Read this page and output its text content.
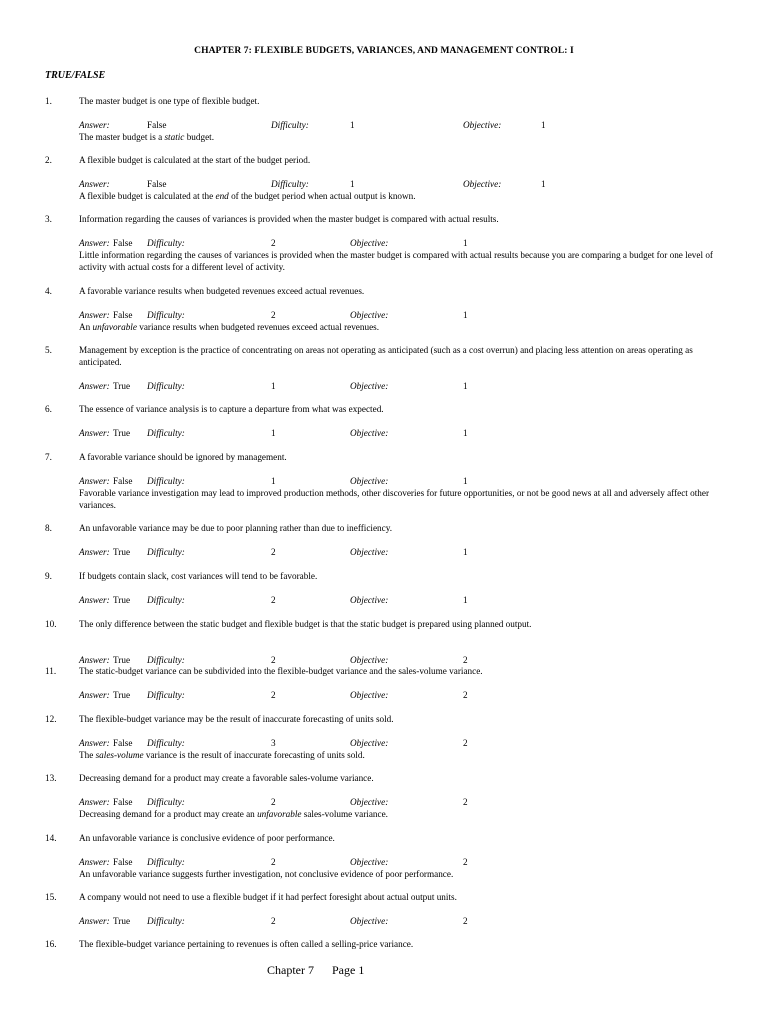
CHAPTER 7: FLEXIBLE BUDGETS, VARIANCES, AND MANAGEMENT CONTROL: I
TRUE/FALSE
1.	The master budget is one type of flexible budget.
Answer:	False	Difficulty:	1	Objective:	1
The master budget is a static budget.
2.	A flexible budget is calculated at the start of the budget period.
Answer:	False	Difficulty:	1	Objective:	1
A flexible budget is calculated at the end of the budget period when actual output is known.
3.	Information regarding the causes of variances is provided when the master budget is compared with actual results.
Answer: False Difficulty:	2	Objective:	1
Little information regarding the causes of variances is provided when the master budget is compared with actual results because you are comparing a budget for one level of activity with actual costs for a different level of activity.
4.	A favorable variance results when budgeted revenues exceed actual revenues.
Answer: False Difficulty:	2	Objective:	1
An unfavorable variance results when budgeted revenues exceed actual revenues.
5.	Management by exception is the practice of concentrating on areas not operating as anticipated (such as a cost overrun) and placing less attention on areas operating as anticipated.
Answer: True Difficulty:	1	Objective:	1
6.	The essence of variance analysis is to capture a departure from what was expected.
Answer: True Difficulty:	1	Objective:	1
7.	A favorable variance should be ignored by management.
Answer: False Difficulty:	1	Objective:	1
Favorable variance investigation may lead to improved production methods, other discoveries for future opportunities, or not be good news at all and adversely affect other variances.
8.	An unfavorable variance may be due to poor planning rather than due to inefficiency.
Answer: True Difficulty:	2	Objective:	1
9.	If budgets contain slack, cost variances will tend to be favorable.
Answer: True Difficulty:	2	Objective:	1
10. The only difference between the static budget and flexible budget is that the static budget is prepared using planned output.
Answer: True Difficulty:	2	Objective:	2
11. The static-budget variance can be subdivided into the flexible-budget variance and the sales-volume variance.
Answer: True Difficulty:	2	Objective:	2
12. The flexible-budget variance may be the result of inaccurate forecasting of units sold.
Answer: False Difficulty:	3	Objective:	2
The sales-volume variance is the result of inaccurate forecasting of units sold.
13. Decreasing demand for a product may create a favorable sales-volume variance.
Answer: False Difficulty:	2	Objective:	2
Decreasing demand for a product may create an unfavorable sales-volume variance.
14. An unfavorable variance is conclusive evidence of poor performance.
Answer: False Difficulty:	2	Objective:	2
An unfavorable variance suggests further investigation, not conclusive evidence of poor performance.
15. A company would not need to use a flexible budget if it had perfect foresight about actual output units.
Answer: True Difficulty:	2	Objective:	2
16. The flexible-budget variance pertaining to revenues is often called a selling-price variance.
Chapter 7 Page 1
